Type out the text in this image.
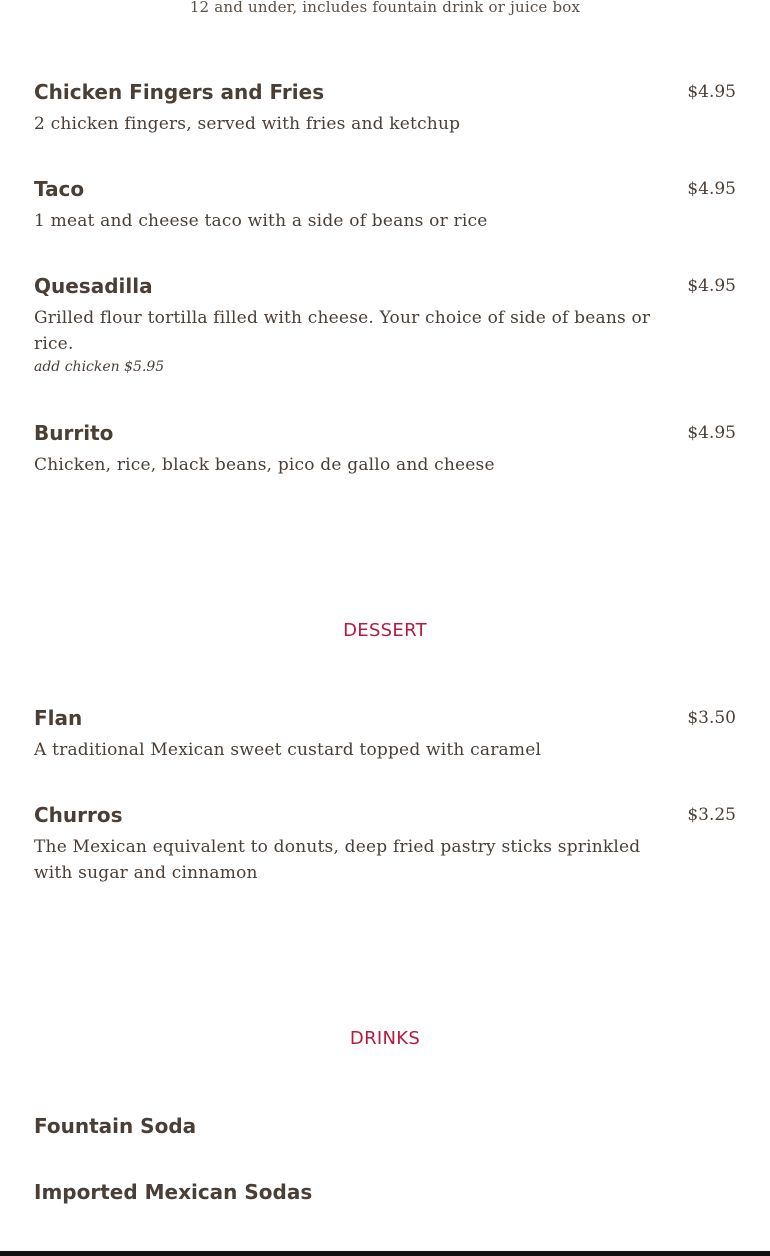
12 and under, includes fountain drink or juice box
Chicken Fingers and Fries	$4.95
2 chicken fingers, served with fries and ketchup
Taco	$4.95
1 meat and cheese taco with a side of beans or rice
Quesadilla	$4.95
Grilled flour tortilla filled with cheese. Your choice of side of beans or rice.
add chicken $5.95
Burrito	$4.95
Chicken, rice, black beans, pico de gallo and cheese
DESSERT
Flan	$3.50
A traditional Mexican sweet custard topped with caramel
Churros	$3.25
The Mexican equivalent to donuts, deep fried pastry sticks sprinkled with sugar and cinnamon
DRINKS
Fountain Soda
Imported Mexican Sodas
